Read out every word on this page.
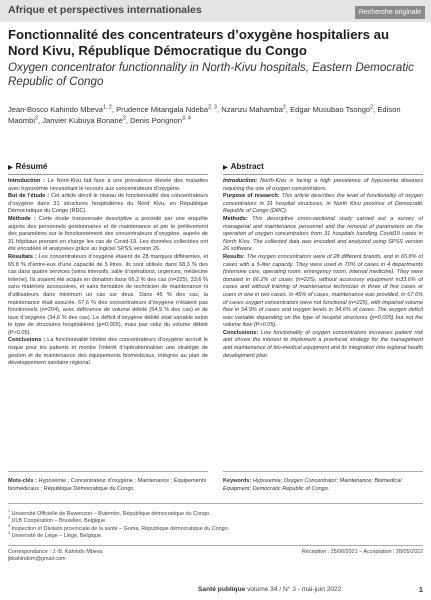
Afrique et perspectives internationales	Recherche originale
Fonctionnalité des concentrateurs d’oxygène hospitaliers au Nord Kivu, République Démocratique du Congo
Oxygen concentrator functionnality in North-Kivu hospitals, Eastern Democratic Republic of Congo
Jean-Bosco Kahindo Mbeva$^{1, 2}$, Prudence Mitangala Ndeba$^{2, 3}$, Nzanzu Mahamba$^2$, Edgar Musubao Tsongo$^2$, Edison Maombi$^2$, Janvier Kubuya Bonane$^2$, Denis Porignon$^{3, 4}$
▶ Résumé
Introduction : Le Nord-Kivu fait face à une prévalence élevée des maladies avec hypoxémie nécessitant le recours aux concentrateurs d’oxygène.
But de l’étude : Cet article décrit le niveau de fonctionnalité des concentrateurs d’oxygène dans 31 structures hospitalières du Nord Kivu, en République Démocratique du Congo (RDC).
Méthode : Cette étude transversale descriptive a procédé par une enquête auprès des personnels gestionnaires et de maintenance et par le prélèvement des paramètres sur le fonctionnement des concentrateurs d’oxygène, auprès de 31 hôpitaux prenant en charge les cas de Covid-19. Les données collectées ont été encodées et analysées grâce au logiciel SPSS version 26.
Résultats : Les concentrateurs d’oxygène étaient de 28 marques différentes, et 65,8 % d’entre-eux d’une capacité de 5 litres. Ils sont utilisés dans 68,3 % des cas dans quatre services (soins intensifs, salle d’opérations, urgences, médecine interne). Ils avaient été acquis en donation dans 66,2 % des cas (n=225), 33,6 % sans matériels accessoires, et sans formation de technicien de maintenance ni d’utilisateurs dans minimum un cas sur deux. Dans 45 % des cas, la maintenance était assurée. 67,6 % des concentrateurs d’oxygène n’étaient pas fonctionnels (n=204), avec déficience de volume débité (54,9 % des cas) et de taux d’oxygène (34,6 % des cas). Le déficit d’oxygène débité était variable selon le type de structures hospitalières (p=0,005), mais pas celui du volume débité (P>0,05).
Conclusions : La fonctionnalité limitée des concentrateurs d’oxygène accroit le risque pour les patients et montre l’intérêt d’opérationnaliser une stratégie de gestion et de maintenance des équipements biomédicaux, intégrée au plan de développement sanitaire régional.
▶ Abstract
Introduction: North-Kivu is facing a high prevalence of hypoxemia diseases requiring the use of oxygen concentrators.
Purpose of research: This article describes the level of functionality of oxygen concentrators in 31 hospital structures, in North Kivu province of Democratic Republic of Congo (DRC).
Methods: This descriptive cross-sectional study carried out a survey of managerial and maintenance personnel and the removal of parameters on the operation of oxygen concentrators from 31 hospitals handling Covid19 cases in North Kivu. The collected data was encoded and analyzed using SPSS version 26 software.
Results: The oxygen concentrators were of 28 different brands, and in 65.8% of cases with a 5-liter capacity. They were used in 70% of cases in 4 departments (intensive care, operating room, emergency room, internal medicine). They were donated in 66.2% of cases (n=225), without accessory equipment in33.6% of cases and without training of maintenance technician in three of five cases or users in one in two cases. In 45% of cases, maintenance was provided. In 67.6% of cases oxygen concentrators were not functional (n=225), with impaired volume flow in 54.9% of cases and oxygen levels in 34.6% of cases. The oxygen deficit was variable depending on the type of hospital structures (p=0,005) but not the volume flow (P>0.05).
Conclusions: Low functionality of oxygen concentrators increases patient risk and shows the interest to implement a provincial strategy for the management and maintenance of bio-medical equipment and its integration into regional health development plan.
Mots-clés : Hypoxémie ; Concentrateur d’oxygène ; Maintenance ; Équipements biomédicaux ; République Démocratique du Congo.
Keywords: Hypoxemia; Oxygen Concentrator; Maintenance; Biomedical Equipment; Democratic Republic of Congo.
$^1$ Université Officielle de Ruwenzori – Butembo, République démocratique du Congo.
$^2$ ULB Coopération – Bruxelles, Belgique.
$^3$ Inspection et Division provinciale de la santé – Goma, République démocratique du Congo.
$^4$ Université de Liège – Liège, Belgique.
Correspondance : J.-B. Kahindo Mbeva
jbkahindom@gmail.com
Réception : 25/06/2021 – Acceptation : 28/05/2022
Santé publique volume 34 / N° 3 - mai-juin 2022	1
